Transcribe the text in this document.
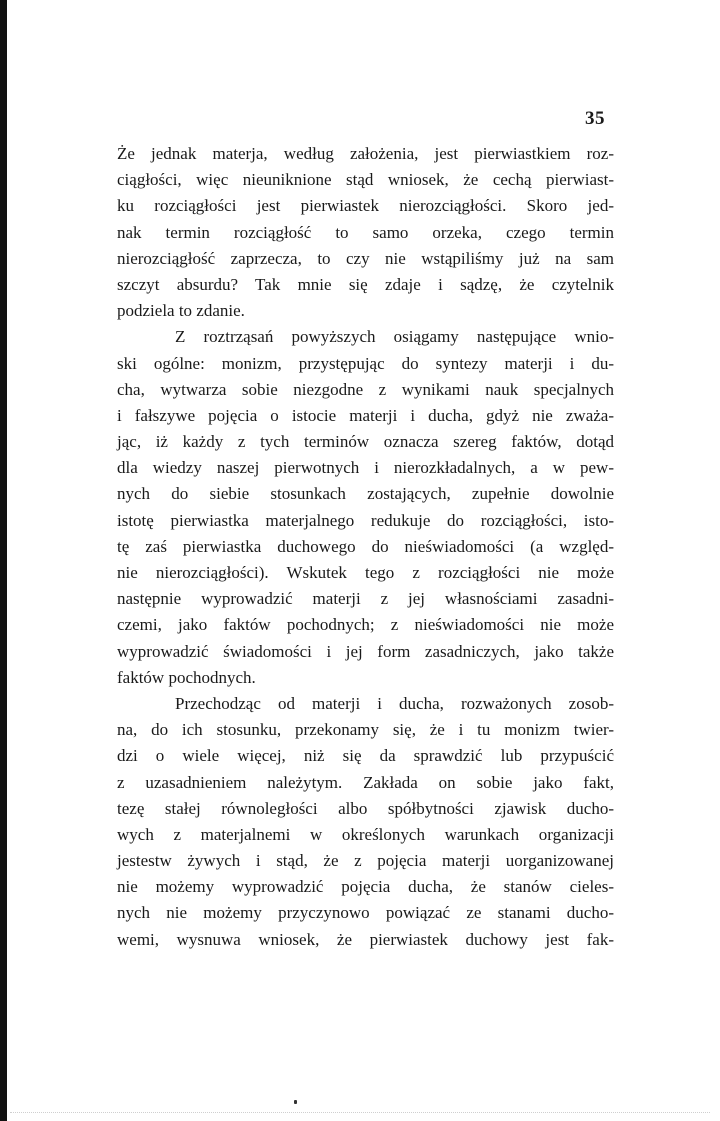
35
Że jednak materja, według założenia, jest pierwiastkiem roz-
ciągłości, więc nieuniknione stąd wniosek, że cechą pierwiast-
ku rozciągłości jest pierwiastek nierozciągłości. Skoro jed-
nak termin rozciągłość to samo orzeka, czego termin
nierozciągłość zaprzecza, to czy nie wstąpiliśmy już na sam
szczyt absurdu? Tak mnie się zdaje i sądzę, że czytelnik
podziela to zdanie.
Z roztrząsań powyższych osiągamy następujące wnio-
ski ogólne: monizm, przystępując do syntezy materji i du-
cha, wytwarza sobie niezgodne z wynikami nauk specjalnych
i fałszywe pojęcia o istocie materji i ducha, gdyż nie zważa-
jąc, iż każdy z tych terminów oznacza szereg faktów, dotąd
dla wiedzy naszej pierwotnych i nierozkładalnych, a w pew-
nych do siebie stosunkach zostających, zupełnie dowolnie
istotę pierwiastka materjalnego redukuje do rozciągłości, isto-
tę zaś pierwiastka duchowego do nieświadomości (a względ-
nie nierozciągłości). Wskutek tego z rozciągłości nie może
następnie wyprowadzić materji z jej własnościami zasadni-
czemi, jako faktów pochodnych; z nieświadomości nie może
wyprowadzić świadomości i jej form zasadniczych, jako także
faktów pochodnych.
Przechodząc od materji i ducha, rozważonych zosob-
na, do ich stosunku, przekonamy się, że i tu monizm twier-
dzi o wiele więcej, niż się da sprawdzić lub przypuścić
z uzasadnieniem należytym. Zakłada on sobie jako fakt,
tezę stałej równoległości albo spółbytności zjawisk ducho-
wych z materjalnemi w określonych warunkach organizacji
jestestw żywych i stąd, że z pojęcia materji uorganizowanej
nie możemy wyprowadzić pojęcia ducha, że stanów cieles-
nych nie możemy przyczynowo powiązać ze stanami ducho-
wemi, wysnuwa wniosek, że pierwiastek duchowy jest fak-
